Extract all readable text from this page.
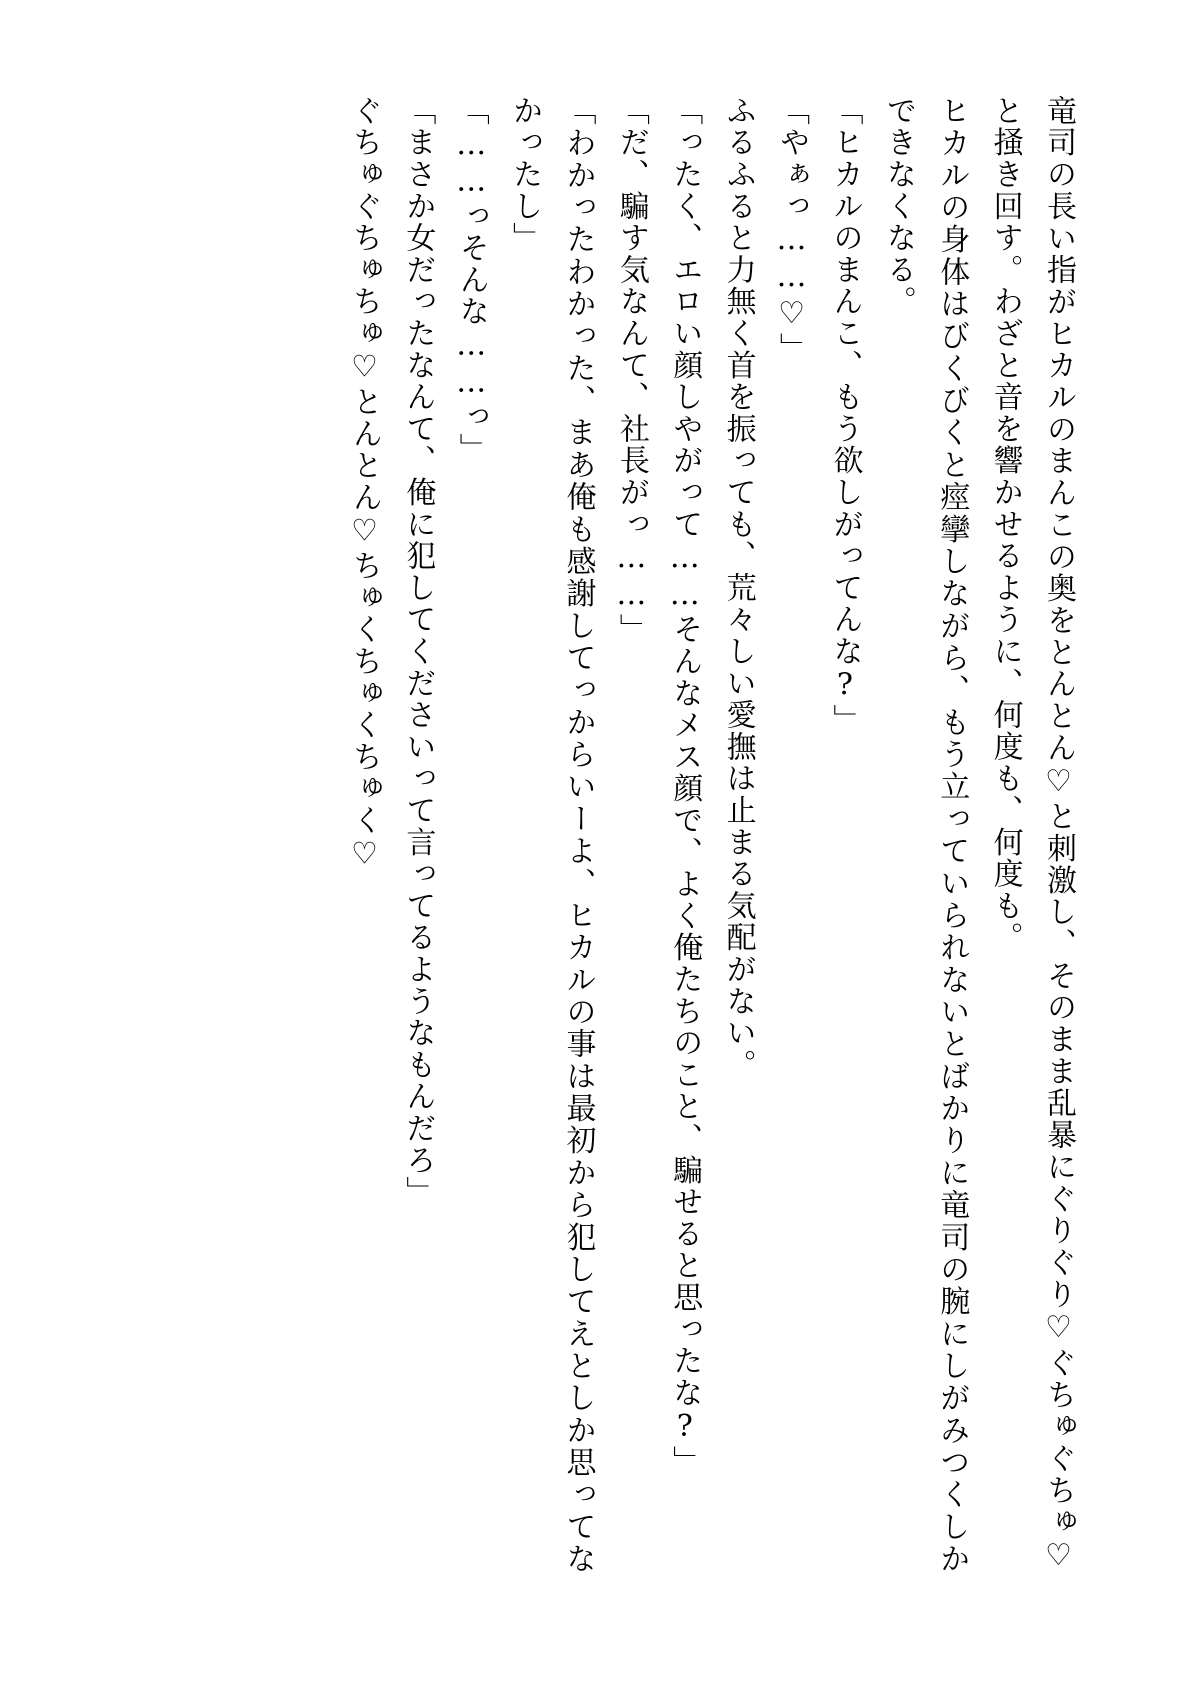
竜司の長い指がヒカルのまんこの奥をとんとん♡と刺激し、そのまま乱暴にぐりぐり♡ぐちゅぐちゅ♡と掻き回す。わざと音を響かせるように、何度も、何度も。

ヒカルの身体はびくびくと痙攣しながら、もう立っていられないとばかりに竜司の腕にしがみつくしかできなくなる。

「ヒカルのまんこ、もう欲しがってんな?」

「やぁっ……♡」

ふるふると力無く首を振っても、荒々しい愛撫は止まる気配がない。

「ったく、エロい顔しやがって……そんなメス顔で、よく俺たちのこと、騙せると思ったな?」

「だ、騙す気なんて、社長がっ……」

「わかったわかった、まあ俺も感謝してっからいーよ、ヒカルの事は最初から犯してえとしか思ってなかったし」

「……っそんな……っ」

「まさか女だったなんて、俺に犯してくださいって言ってるようなもんだろ」

ぐちゅぐちゅちゅ♡とんとん♡ちゅくちゅくちゅく♡
